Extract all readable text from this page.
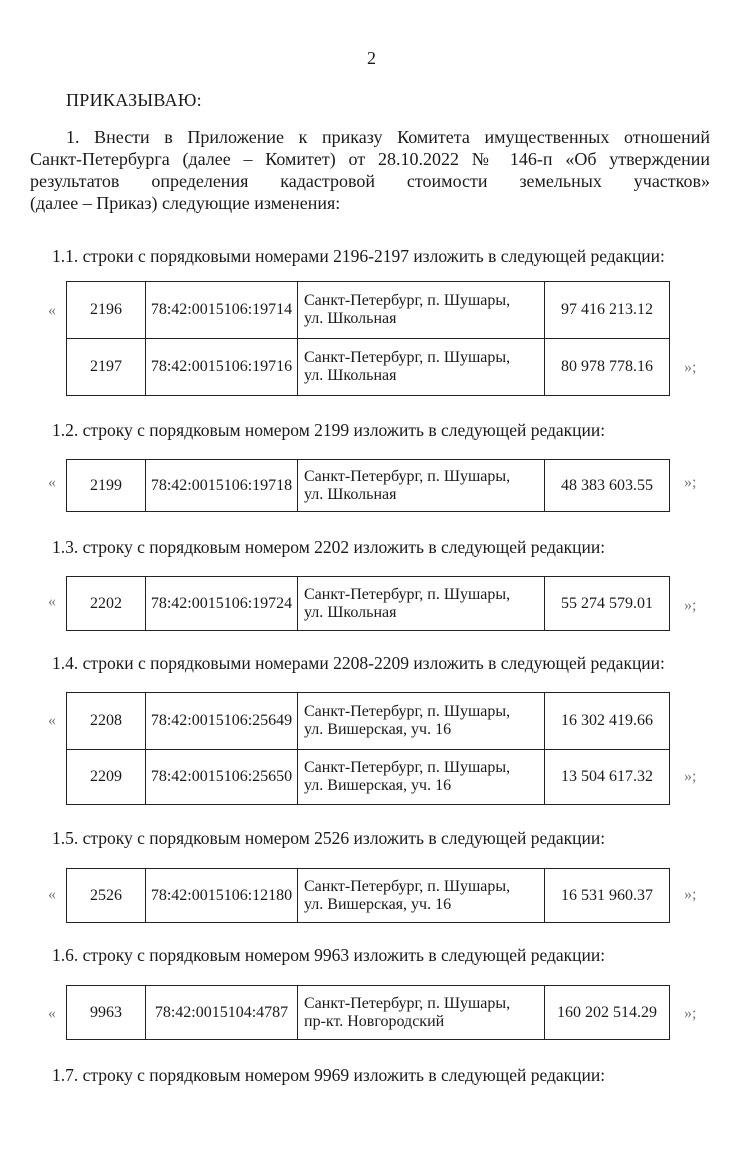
2
ПРИКАЗЫВАЮ:
1. Внести в Приложение к приказу Комитета имущественных отношений
Санкт-Петербурга (далее – Комитет) от 28.10.2022 № 146-п «Об утверждении
результатов определения кадастровой стоимости земельных участков»
(далее – Приказ) следующие изменения:
1.1. строки с порядковыми номерами 2196-2197 изложить в следующей редакции:
« 2196	78:42:0015106:19714	Санкт-Петербург, п. Шушары,
ул. Школьная	97 416 213.12
2197	78:42:0015106:19716	Санкт-Петербург, п. Шушары,
ул. Школьная	80 978 778.16 »;
1.2. строку с порядковым номером 2199 изложить в следующей редакции:
« 2199	78:42:0015106:19718	Санкт-Петербург, п. Шушары,
ул. Школьная	48 383 603.55 »;
1.3. строку с порядковым номером 2202 изложить в следующей редакции:
« 2202	78:42:0015106:19724	Санкт-Петербург, п. Шушары,
ул. Школьная	55 274 579.01 »;
1.4. строки с порядковыми номерами 2208-2209 изложить в следующей редакции:
« 2208	78:42:0015106:25649	Санкт-Петербург, п. Шушары,
ул. Вишерская, уч. 16	16 302 419.66
2209	78:42:0015106:25650	Санкт-Петербург, п. Шушары,
ул. Вишерская, уч. 16	13 504 617.32 »;
1.5. строку с порядковым номером 2526 изложить в следующей редакции:
« 2526	78:42:0015106:12180	Санкт-Петербург, п. Шушары,
ул. Вишерская, уч. 16	16 531 960.37 »;
1.6. строку с порядковым номером 9963 изложить в следующей редакции:
« 9963	78:42:0015104:4787	Санкт-Петербург, п. Шушары,
пр-кт. Новгородский	160 202 514.29 »;
1.7. строку с порядковым номером 9969 изложить в следующей редакции:
